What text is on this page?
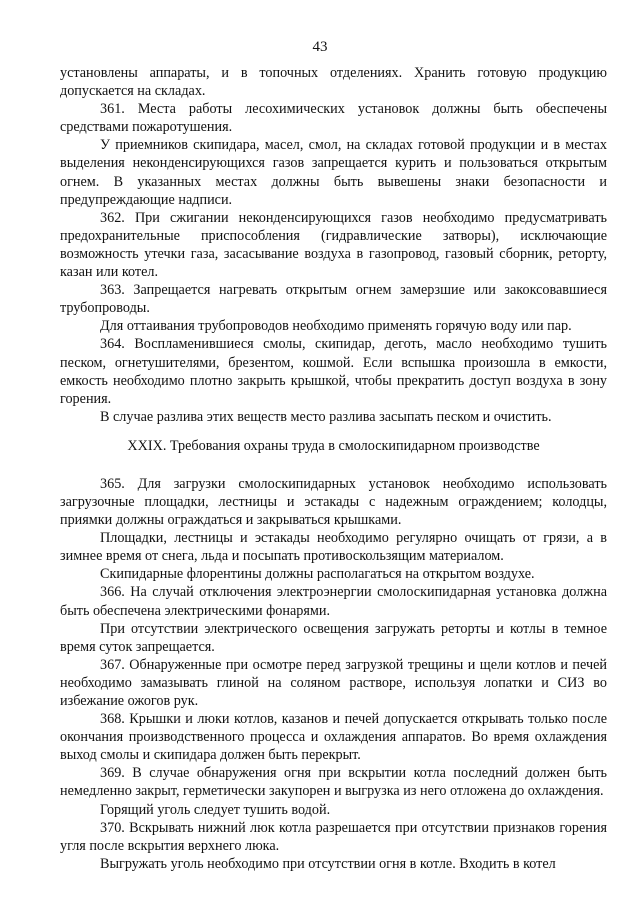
43

установлены аппараты, и в топочных отделениях. Хранить готовую продукцию допускается на складах.

361. Места работы лесохимических установок должны быть обеспечены средствами пожаротушения.

У приемников скипидара, масел, смол, на складах готовой продукции и в местах выделения неконденсирующихся газов запрещается курить и пользоваться открытым огнем. В указанных местах должны быть вывешены знаки безопасности и предупреждающие надписи.

362. При сжигании неконденсирующихся газов необходимо предусматривать предохранительные приспособления (гидравлические затворы), исключающие возможность утечки газа, засасывание воздуха в газопровод, газовый сборник, реторту, казан или котел.

363. Запрещается нагревать открытым огнем замерзшие или закоксовавшиеся трубопроводы.

Для оттаивания трубопроводов необходимо применять горячую воду или пар.

364. Воспламенившиеся смолы, скипидар, деготь, масло необходимо тушить песком, огнетушителями, брезентом, кошмой. Если вспышка произошла в емкости, емкость необходимо плотно закрыть крышкой, чтобы прекратить доступ воздуха в зону горения.

В случае разлива этих веществ место разлива засыпать песком и очистить.

XXIX. Требования охраны труда в смолоскипидарном производстве

365. Для загрузки смолоскипидарных установок необходимо использовать загрузочные площадки, лестницы и эстакады с надежным ограждением; колодцы, приямки должны ограждаться и закрываться крышками.

Площадки, лестницы и эстакады необходимо регулярно очищать от грязи, а в зимнее время от снега, льда и посыпать противоскользящим материалом.

Скипидарные флорентины должны располагаться на открытом воздухе.

366. На случай отключения электроэнергии смолоскипидарная установка должна быть обеспечена электрическими фонарями.

При отсутствии электрического освещения загружать реторты и котлы в темное время суток запрещается.

367. Обнаруженные при осмотре перед загрузкой трещины и щели котлов и печей необходимо замазывать глиной на соляном растворе, используя лопатки и СИЗ во избежание ожогов рук.

368. Крышки и люки котлов, казанов и печей допускается открывать только после окончания производственного процесса и охлаждения аппаратов. Во время охлаждения выход смолы и скипидара должен быть перекрыт.

369. В случае обнаружения огня при вскрытии котла последний должен быть немедленно закрыт, герметически закупорен и выгрузка из него отложена до охлаждения.

Горящий уголь следует тушить водой.

370. Вскрывать нижний люк котла разрешается при отсутствии признаков горения угля после вскрытия верхнего люка.

Выгружать уголь необходимо при отсутствии огня в котле. Входить в котел
